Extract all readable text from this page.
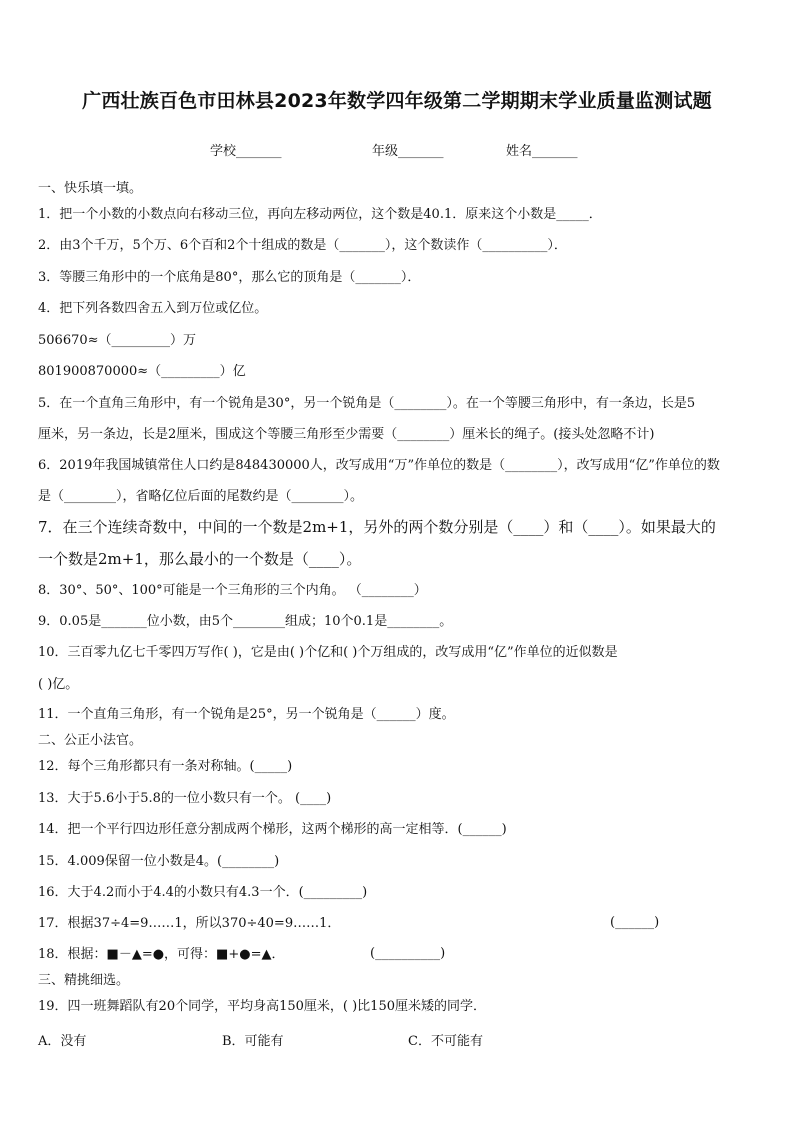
广西壮族百色市田林县2023年数学四年级第二学期期末学业质量监测试题
学校_______	年级_______	姓名_______
一、快乐填一填。
1．把一个小数的小数点向右移动三位，再向左移动两位，这个数是40.1．原来这个小数是_____．
2．由3个千万，5个万、6个百和2个十组成的数是（_______），这个数读作（__________）．
3．等腰三角形中的一个底角是80°，那么它的顶角是（_______）．
4．把下列各数四舍五入到万位或亿位。
506670≈（_________）万
801900870000≈（_________）亿
5．在一个直角三角形中，有一个锐角是30°，另一个锐角是（________）。在一个等腰三角形中，有一条边，长是5
厘米，另一条边，长是2厘米，围成这个等腰三角形至少需要（________）厘米长的绳子。(接头处忽略不计)
6．2019年我国城镇常住人口约是848430000人，改写成用“万”作单位的数是（________），改写成用“亿”作单位的数
是（________），省略亿位后面的尾数约是（________）。
7．在三个连续奇数中，中间的一个数是2m+1，另外的两个数分别是（____）和（____）。如果最大的
一个数是2m+1，那么最小的一个数是（____）。
8．30°、50°、100°可能是一个三角形的三个内角。 （________）
9．0.05是_______位小数，由5个________组成；10个0.1是________。
10．三百零九亿七千零四万写作( )，它是由( )个亿和( )个万组成的，改写成用“亿”作单位的近似数是
( )亿。
11．一个直角三角形，有一个锐角是25°，另一个锐角是（______）度。
二、公正小法官。
12．每个三角形都只有一条对称轴。(_____)
13．大于5.6小于5.8的一位小数只有一个。 (____)
14．把一个平行四边形任意分割成两个梯形，这两个梯形的高一定相等．(______)
15．4.009保留一位小数是4。(________)
16．大于4.2而小于4.4的小数只有4.3一个．(_________)
17．根据37÷4=9……1，所以370÷40=9……1．	(______)
18．根据：■－▲=●，可得：■+●=▲．	(__________)
三、精挑细选。
19．四一班舞蹈队有20个同学，平均身高150厘米，( )比150厘米矮的同学．
A．没有	B．可能有	C．不可能有
